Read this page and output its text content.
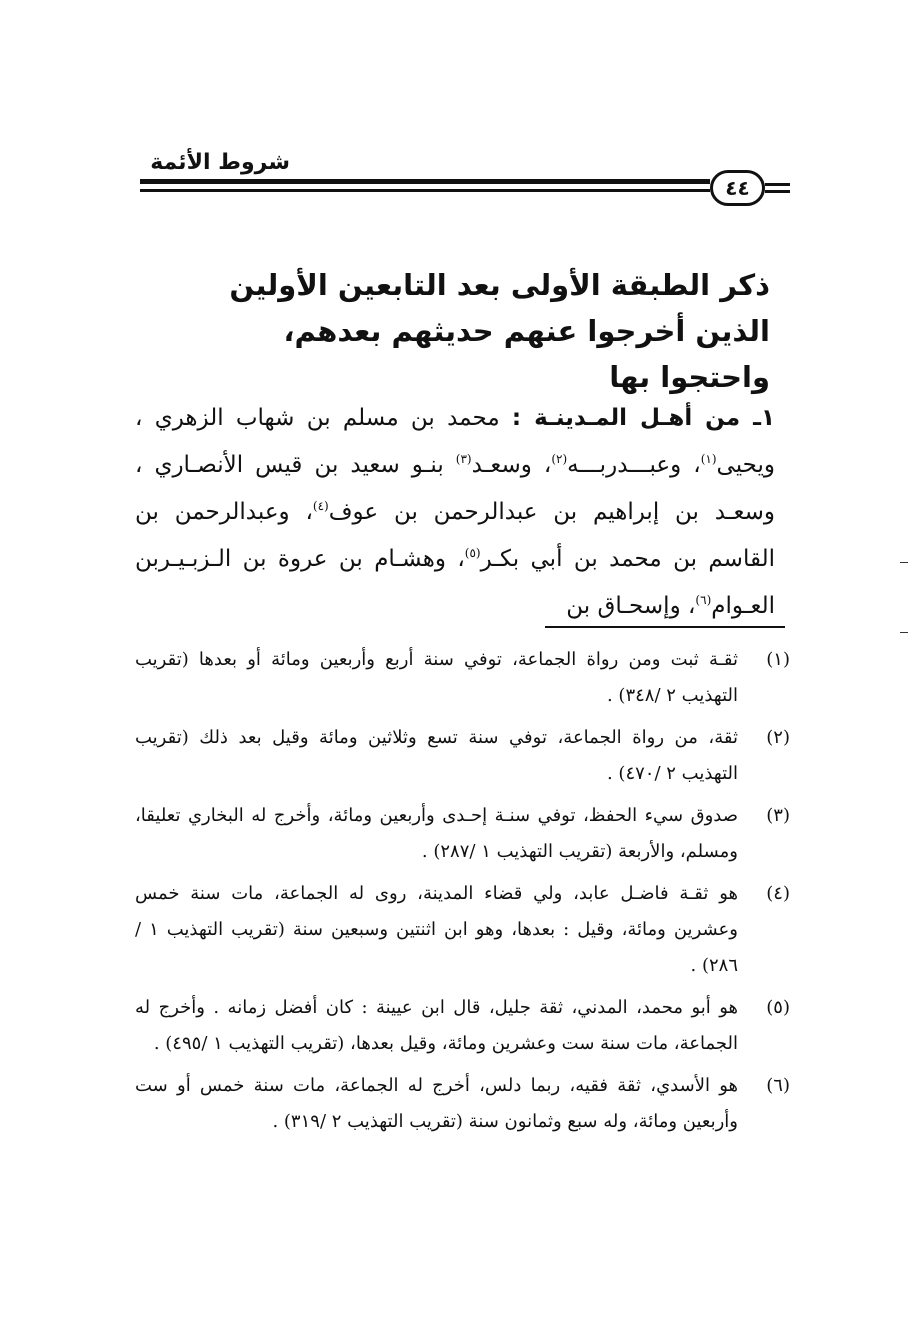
شروط الأئمة
٤٤
ذكر الطبقة الأولى بعد التابعين الأولين الذين أخرجوا عنهم حديثهم بعدهم، واحتجوا بها
١ـ من أهـل المـدينـة : محمد بن مسلم بن شهاب الزهري ، ويحيى$^{(١)}$، وعبـــدربـــه$^{(٢)}$، وسعـد$^{(٣)}$ بنـو سعيد بن قيس الأنصـاري ، وسعـد بن إبراهيم بن عبدالرحمن بن عوف$^{(٤)}$، وعبدالرحمن بن القاسم بن محمد بن أبي بكـر$^{(٥)}$، وهشـام بن عروة بن الـزبـيـربن العـوام$^{(٦)}$، وإسحـاق بن
(١)
ثقـة ثبت ومن رواة الجماعة، توفي سنة أربع وأربعين ومائة أو بعدها (تقريب التهذيب ٢ /٣٤٨) .
(٢)
ثقة، من رواة الجماعة، توفي سنة تسع وثلاثين ومائة وقيل بعد ذلك (تقريب التهذيب ٢ /٤٧٠) .
(٣)
صدوق سيء الحفظ، توفي سنـة إحـدى وأربعين ومائة، وأخرج له البخاري تعليقا، ومسلم، والأربعة (تقريب التهذيب ١ /٢٨٧) .
(٤)
هو ثقـة فاضـل عابد، ولي قضاء المدينة، روى له الجماعة، مات سنة خمس وعشرين ومائة، وقيل : بعدها، وهو ابن اثنتين وسبعين سنة (تقريب التهذيب ١ /٢٨٦) .
(٥)
هو أبو محمد، المدني، ثقة جليل، قال ابن عيينة : كان أفضل زمانه . وأخرج له الجماعة، مات سنة ست وعشرين ومائة، وقيل بعدها، (تقريب التهذيب ١ /٤٩٥) .
(٦)
هو الأسدي، ثقة فقيه، ربما دلس، أخرج له الجماعة، مات سنة خمس أو ست وأربعين ومائة، وله سبع وثمانون سنة (تقريب التهذيب ٢ /٣١٩) .
